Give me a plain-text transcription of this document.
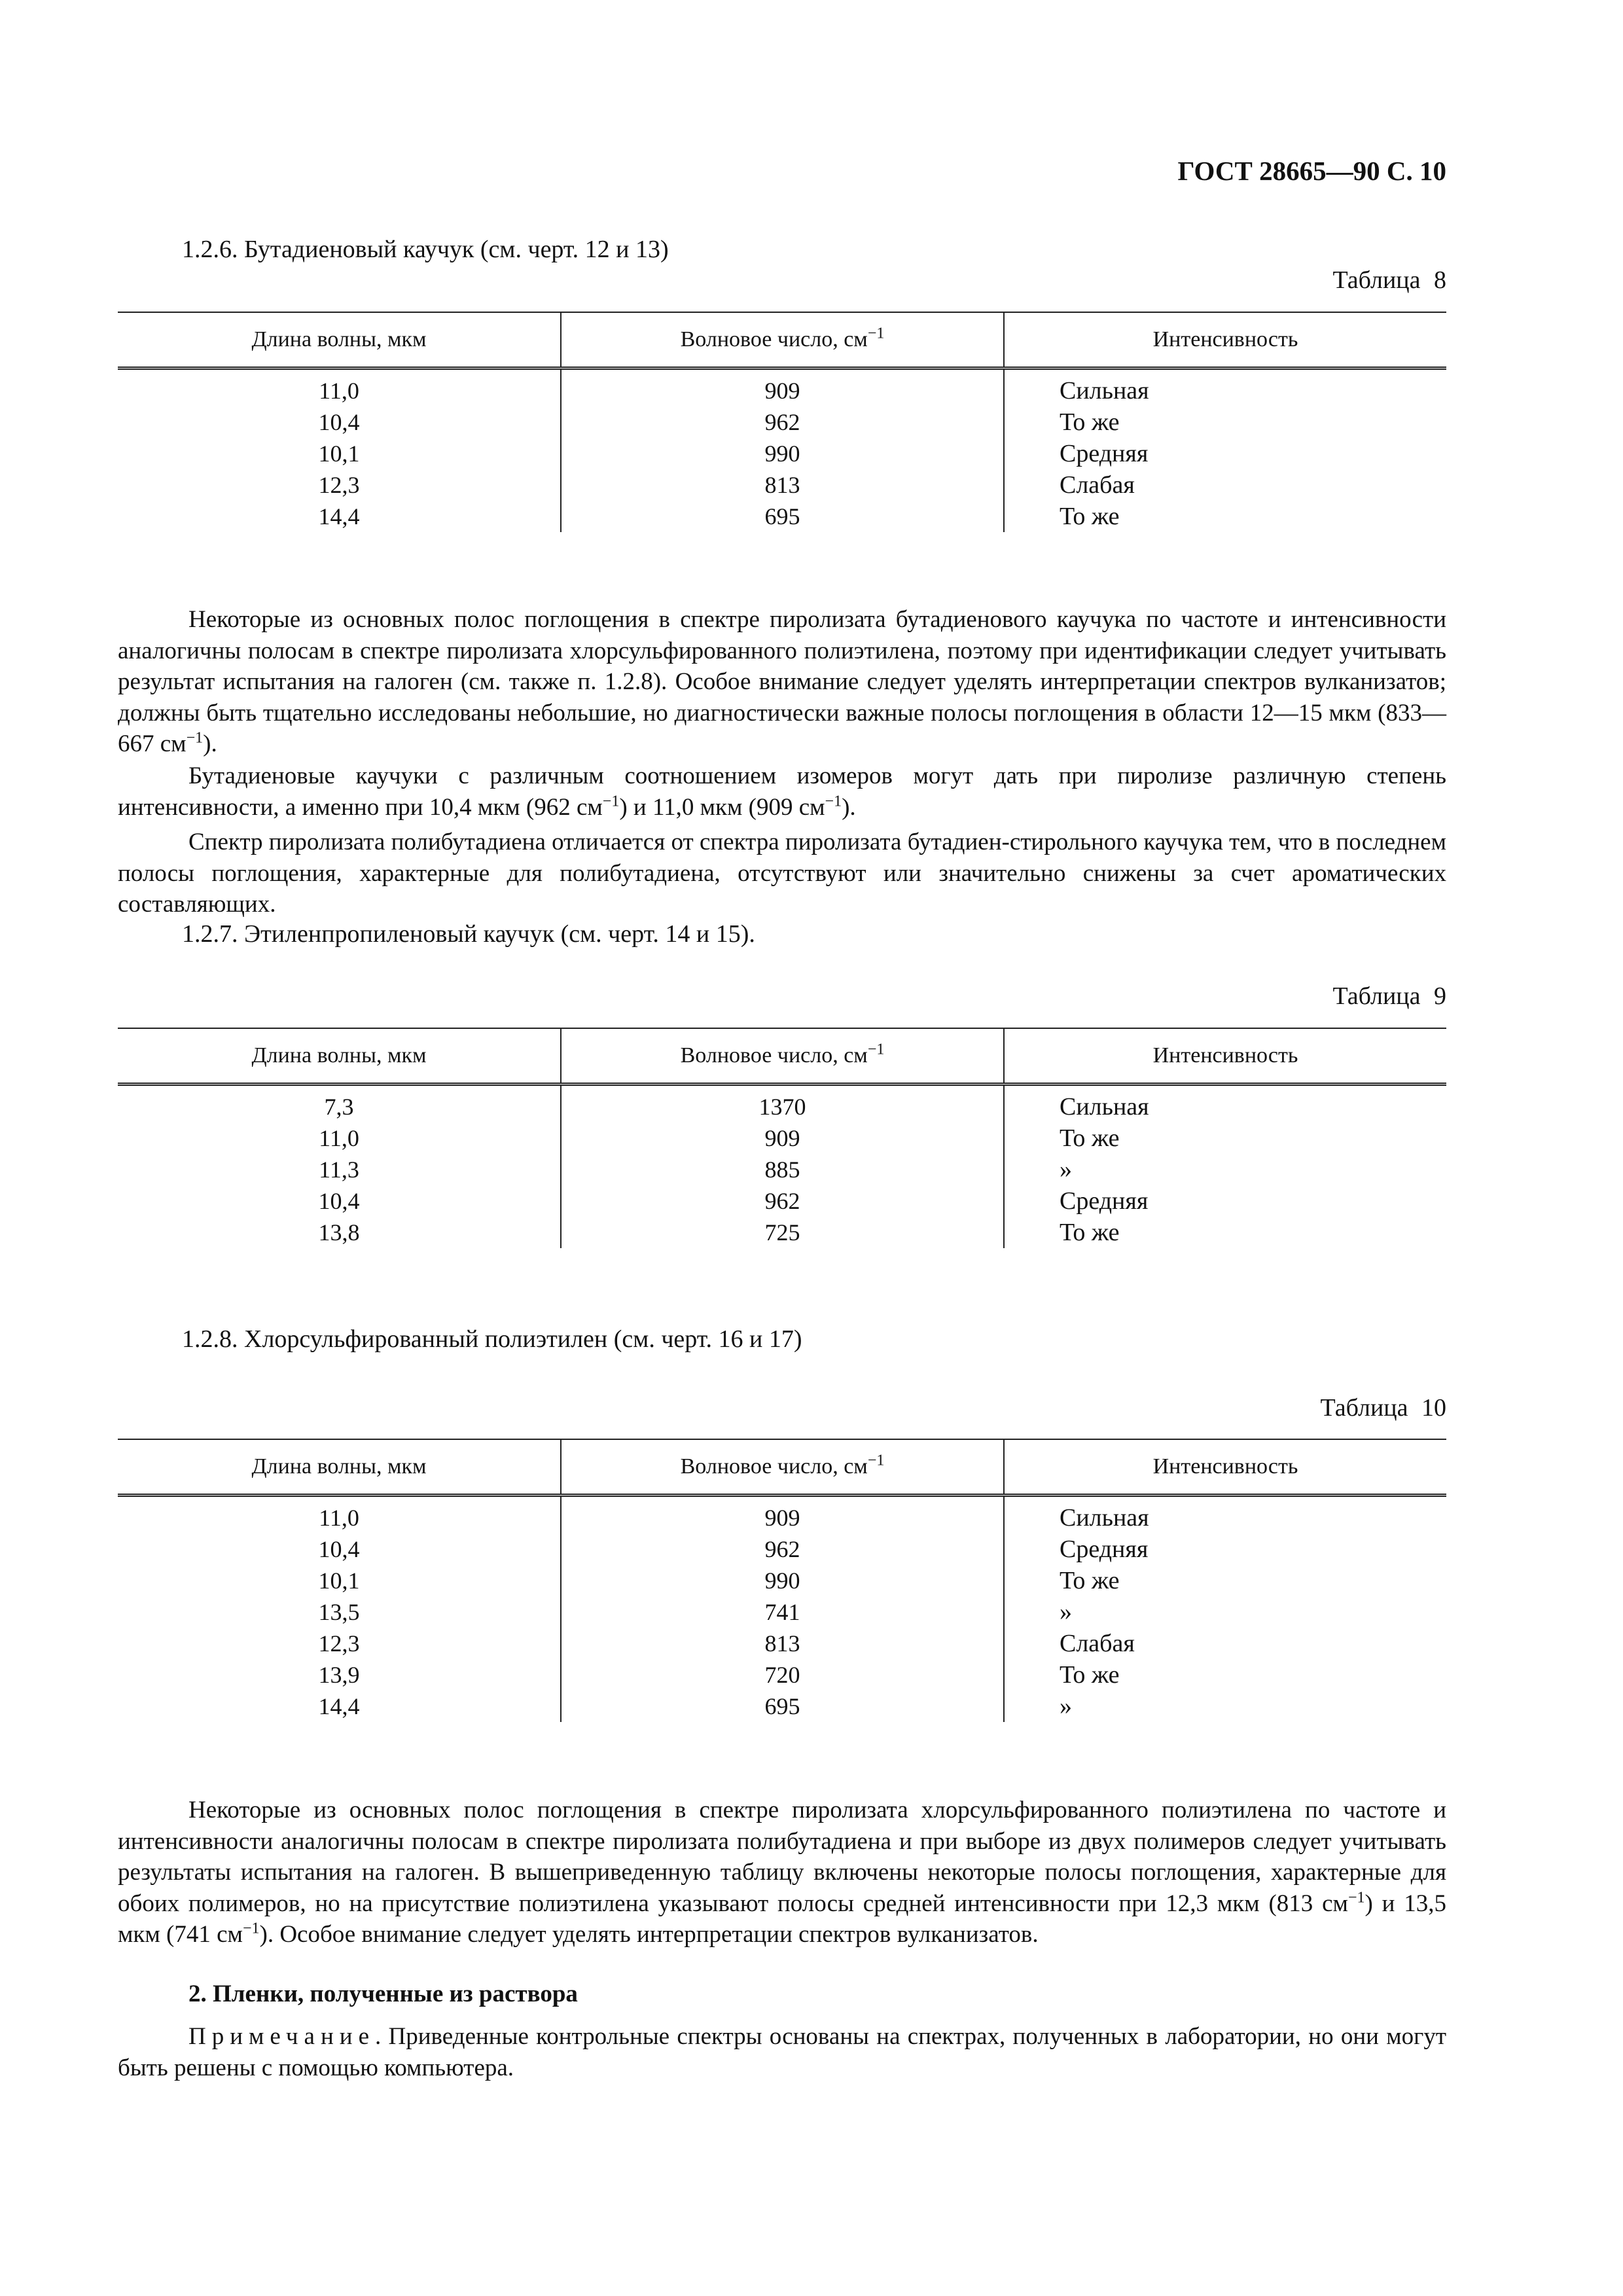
ГОСТ 28665—90 С. 10

1.2.6. Бутадиеновый каучук (см. черт. 12 и 13)

Таблица 8
Длина волны, мкм	Волновое число, $см^{-1}$	Интенсивность
11,0	909	Сильная
10,4	962	То же
10,1	990	Средняя
12,3	813	Слабая
14,4	695	То же

Некоторые из основных полос поглощения в спектре пиролизата бутадиенового каучука по частоте и интенсивности аналогичны полосам в спектре пиролизата хлорсульфированного полиэтилена, поэтому при идентификации следует учитывать результат испытания на галоген (см. также п. 1.2.8). Особое внимание следует уделять интерпретации спектров вулканизатов; должны быть тщательно исследованы небольшие, но диагностически важные полосы поглощения в области 12—15 мкм (833—667 $см^{-1}$).

Бутадиеновые каучуки с различным соотношением изомеров могут дать при пиролизе различную степень интенсивности, а именно при 10,4 мкм (962 $см^{-1}$) и 11,0 мкм (909 $см^{-1}$).

Спектр пиролизата полибутадиена отличается от спектра пиролизата бутадиен-стирольного каучука тем, что в последнем полосы поглощения, характерные для полибутадиена, отсутствуют или значительно снижены за счет ароматических составляющих.

1.2.7. Этиленпропиленовый каучук (см. черт. 14 и 15).

Таблица 9
Длина волны, мкм	Волновое число, $см^{-1}$	Интенсивность
7,3	1370	Сильная
11,0	909	То же
11,3	885	»
10,4	962	Средняя
13,8	725	То же

1.2.8. Хлорсульфированный полиэтилен (см. черт. 16 и 17)

Таблица 10
Длина волны, мкм	Волновое число, $см^{-1}$	Интенсивность
11,0	909	Сильная
10,4	962	Средняя
10,1	990	То же
13,5	741	»
12,3	813	Слабая
13,9	720	То же
14,4	695	»

Некоторые из основных полос поглощения в спектре пиролизата хлорсульфированного полиэтилена по частоте и интенсивности аналогичны полосам в спектре пиролизата полибутадиена и при выборе из двух полимеров следует учитывать результаты испытания на галоген. В вышеприведенную таблицу включены некоторые полосы поглощения, характерные для обоих полимеров, но на присутствие полиэтилена указывают полосы средней интенсивности при 12,3 мкм (813 $см^{-1}$) и 13,5 мкм (741 $см^{-1}$). Особое внимание следует уделять интерпретации спектров вулканизатов.

2. Пленки, полученные из раствора

Примечание. Приведенные контрольные спектры основаны на спектрах, полученных в лаборатории, но они могут быть решены с помощью компьютера.
